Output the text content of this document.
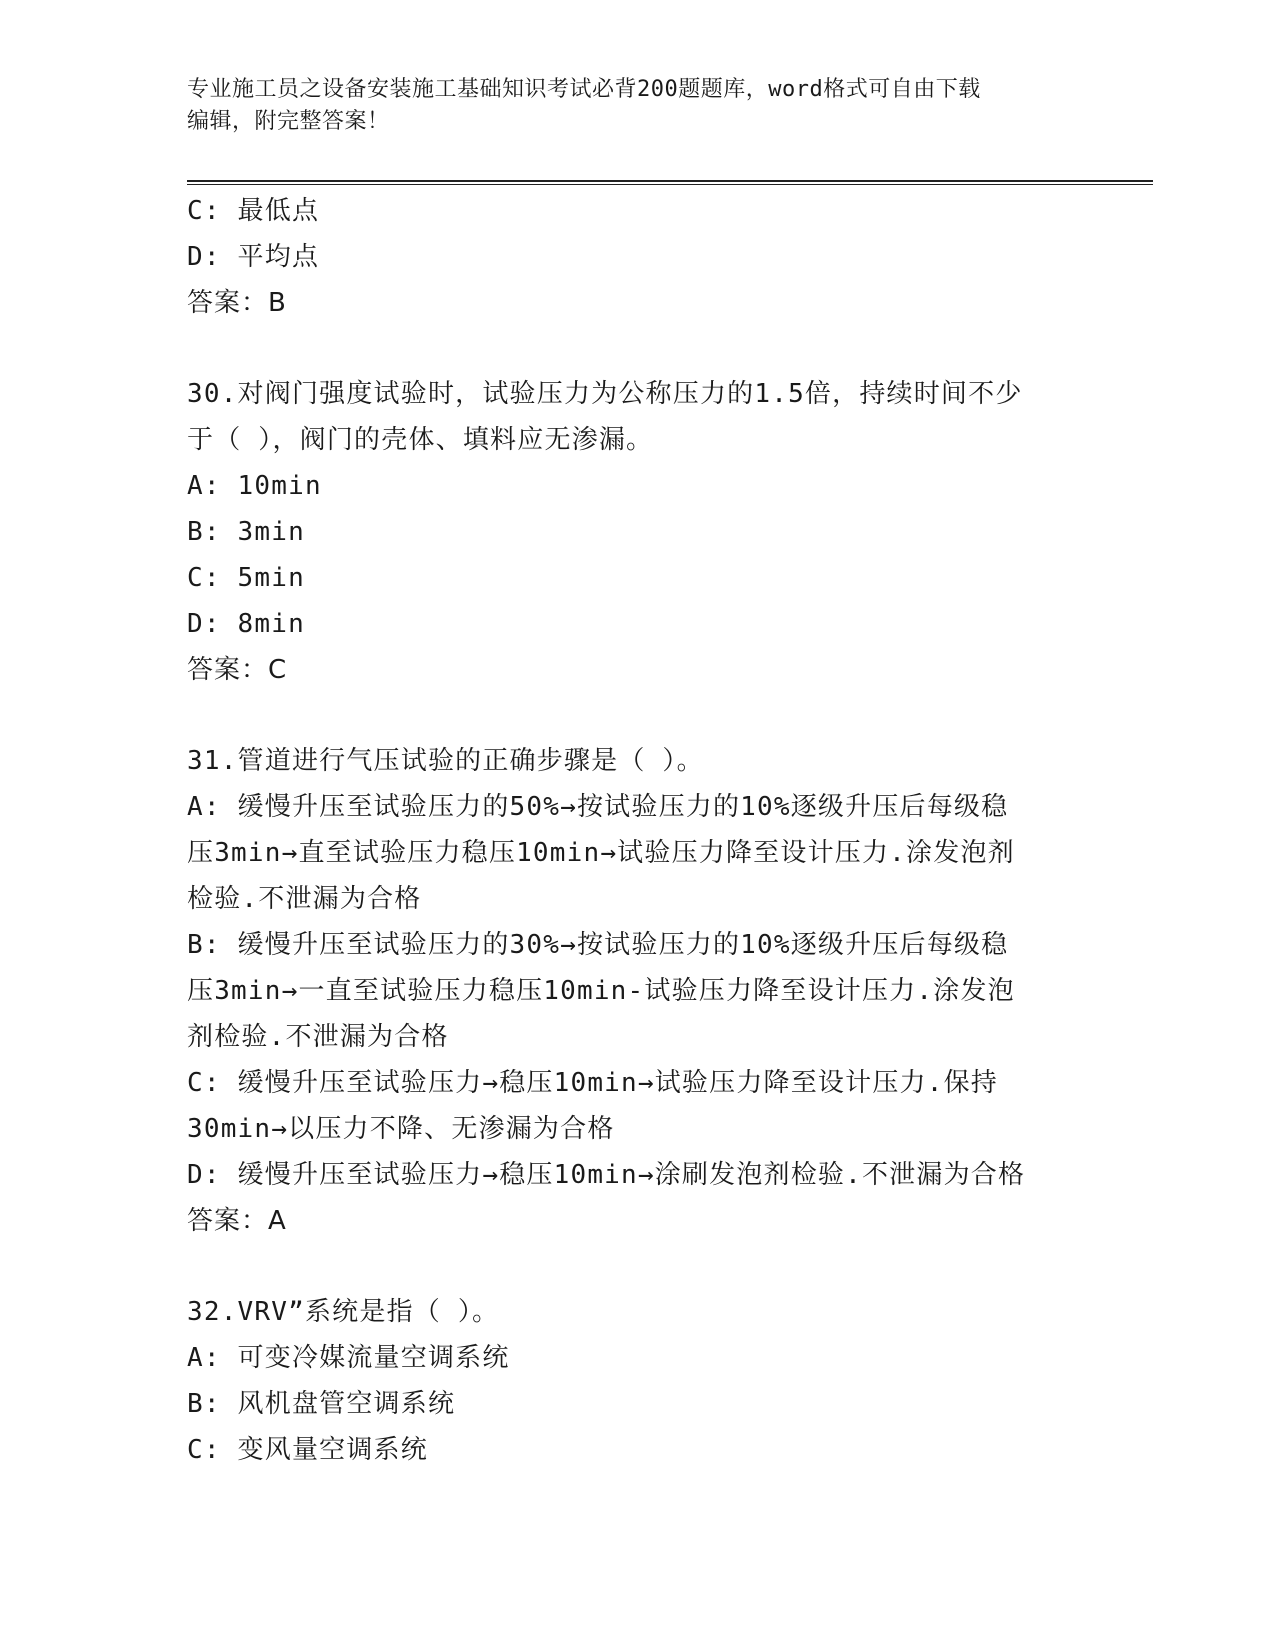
专业施工员之设备安装施工基础知识考试必背200题题库，word格式可自由下载
编辑，附完整答案！
C: 最低点
D: 平均点
答案：B
30.对阀门强度试验时，试验压力为公称压力的1.5倍，持续时间不少
于（ ），阀门的壳体、填料应无渗漏。
A: 10min
B: 3min
C: 5min
D: 8min
答案：C
31.管道进行气压试验的正确步骤是（ ）。
A: 缓慢升压至试验压力的50%→按试验压力的10%逐级升压后每级稳
压3min→直至试验压力稳压10min→试验压力降至设计压力.涂发泡剂
检验.不泄漏为合格
B: 缓慢升压至试验压力的30%→按试验压力的10%逐级升压后每级稳
压3min→一直至试验压力稳压10min-试验压力降至设计压力.涂发泡
剂检验.不泄漏为合格
C: 缓慢升压至试验压力→稳压10min→试验压力降至设计压力.保持
30min→以压力不降、无渗漏为合格
D: 缓慢升压至试验压力→稳压10min→涂刷发泡剂检验.不泄漏为合格
答案：A
32.VRV”系统是指（ ）。
A: 可变冷媒流量空调系统
B: 风机盘管空调系统
C: 变风量空调系统
